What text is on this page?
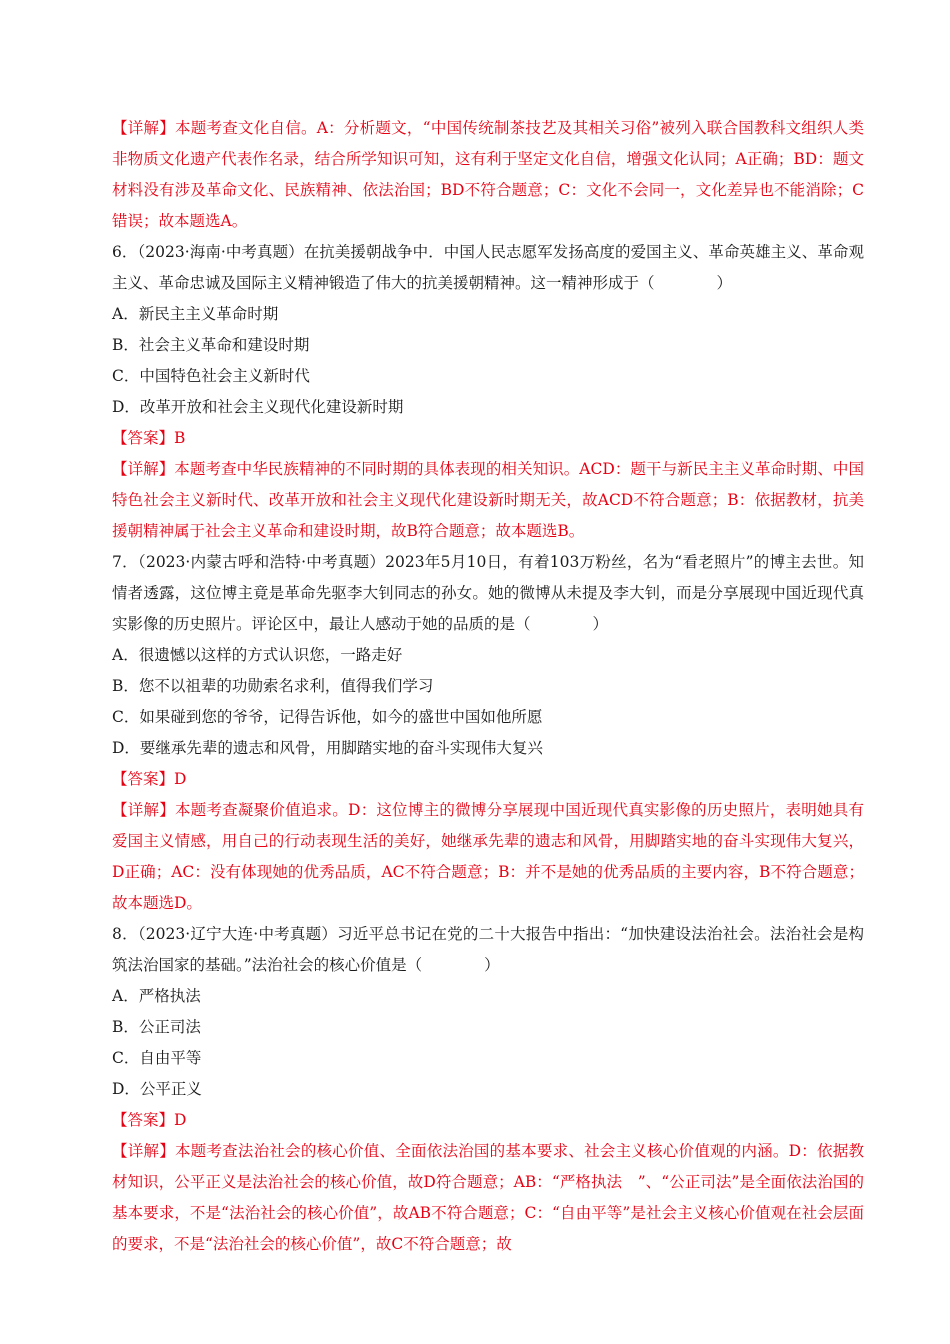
【详解】本题考查文化自信。A：分析题文，“中国传统制茶技艺及其相关习俗”被列入联合国教科文组织人类非物质文化遗产代表作名录，结合所学知识可知，这有利于坚定文化自信，增强文化认同；A正确；BD：题文材料没有涉及革命文化、民族精神、依法治国；BD不符合题意；C：文化不会同一，文化差异也不能消除；C错误；故本题选A。

6．（2023·海南·中考真题）在抗美援朝战争中．中国人民志愿军发扬高度的爱国主义、革命英雄主义、革命观主义、革命忠诚及国际主义精神锻造了伟大的抗美援朝精神。这一精神形成于（　　　　）

A．新民主主义革命时期

B．社会主义革命和建设时期

C．中国特色社会主义新时代

D．改革开放和社会主义现代化建设新时期

【答案】B

【详解】本题考查中华民族精神的不同时期的具体表现的相关知识。ACD：题干与新民主主义革命时期、中国特色社会主义新时代、改革开放和社会主义现代化建设新时期无关，故ACD不符合题意；B：依据教材，抗美援朝精神属于社会主义革命和建设时期，故B符合题意；故本题选B。

7．（2023·内蒙古呼和浩特·中考真题）2023年5月10日，有着103万粉丝，名为“看老照片”的博主去世。知情者透露，这位博主竟是革命先驱李大钊同志的孙女。她的微博从未提及李大钊，而是分享展现中国近现代真实影像的历史照片。评论区中，最让人感动于她的品质的是（　　　　）

A．很遗憾以这样的方式认识您，一路走好

B．您不以祖辈的功勋索名求利，值得我们学习

C．如果碰到您的爷爷，记得告诉他，如今的盛世中国如他所愿

D．要继承先辈的遗志和风骨，用脚踏实地的奋斗实现伟大复兴

【答案】D

【详解】本题考查凝聚价值追求。D：这位博主的微博分享展现中国近现代真实影像的历史照片，表明她具有爱国主义情感，用自己的行动表现生活的美好，她继承先辈的遗志和风骨，用脚踏实地的奋斗实现伟大复兴，D正确；AC：没有体现她的优秀品质，AC不符合题意；B：并不是她的优秀品质的主要内容，B不符合题意；故本题选D。

8．（2023·辽宁大连·中考真题）习近平总书记在党的二十大报告中指出：“加快建设法治社会。法治社会是构筑法治国家的基础。”法治社会的核心价值是（　　　　）

A．严格执法

B．公正司法

C．自由平等

D．公平正义

【答案】D

【详解】本题考查法治社会的核心价值、全面依法治国的基本要求、社会主义核心价值观的内涵。D：依据教材知识，公平正义是法治社会的核心价值，故D符合题意；AB：“严格执法　”、“公正司法”是全面依法治国的基本要求，不是“法治社会的核心价值”，故AB不符合题意；C：“自由平等”是社会主义核心价值观在社会层面的要求，不是“法治社会的核心价值”，故C不符合题意；故
